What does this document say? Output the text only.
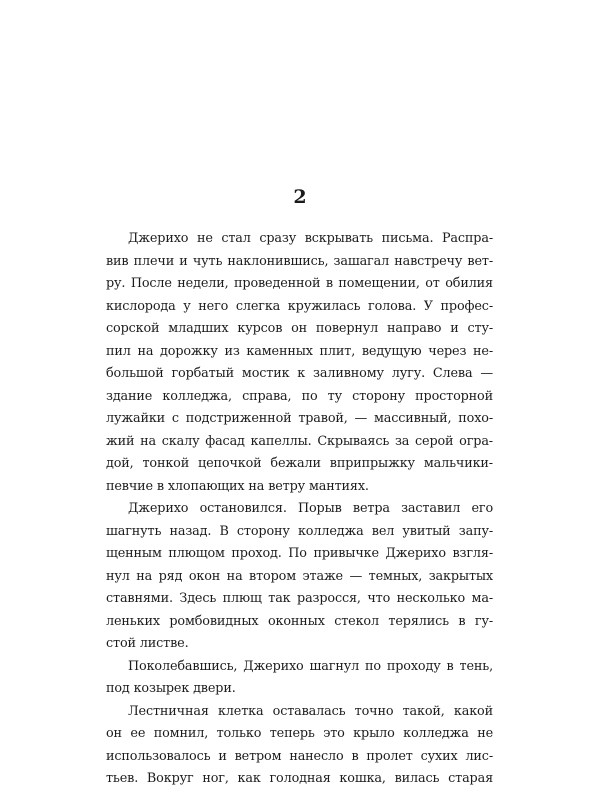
2
Джерихо не стал сразу вскрывать письма. Распра-
вив плечи и чуть наклонившись, зашагал навстречу вет-
ру. После недели, проведенной в помещении, от обилия
кислорода у него слегка кружилась голова. У профес-
сорской младших курсов он повернул направо и сту-
пил на дорожку из каменных плит, ведущую через не-
большой горбатый мостик к заливному лугу. Слева —
здание колледжа, справа, по ту сторону просторной
лужайки с подстриженной травой, — массивный, похо-
жий на скалу фасад капеллы. Скрываясь за серой огра-
дой, тонкой цепочкой бежали вприпрыжку мальчики-
певчие в хлопающих на ветру мантиях.
Джерихо остановился. Порыв ветра заставил его
шагнуть назад. В сторону колледжа вел увитый запу-
щенным плющом проход. По привычке Джерихо взгля-
нул на ряд окон на втором этаже — темных, закрытых
ставнями. Здесь плющ так разросся, что несколько ма-
леньких ромбовидных оконных стекол терялись в гу-
стой листве.
Поколебавшись, Джерихо шагнул по проходу в тень,
под козырек двери.
Лестничная клетка оставалась точно такой, какой
он ее помнил, только теперь это крыло колледжа не
использовалось и ветром нанесло в пролет сухих лис-
тьев. Вокруг ног, как голодная кошка, вилась старая
